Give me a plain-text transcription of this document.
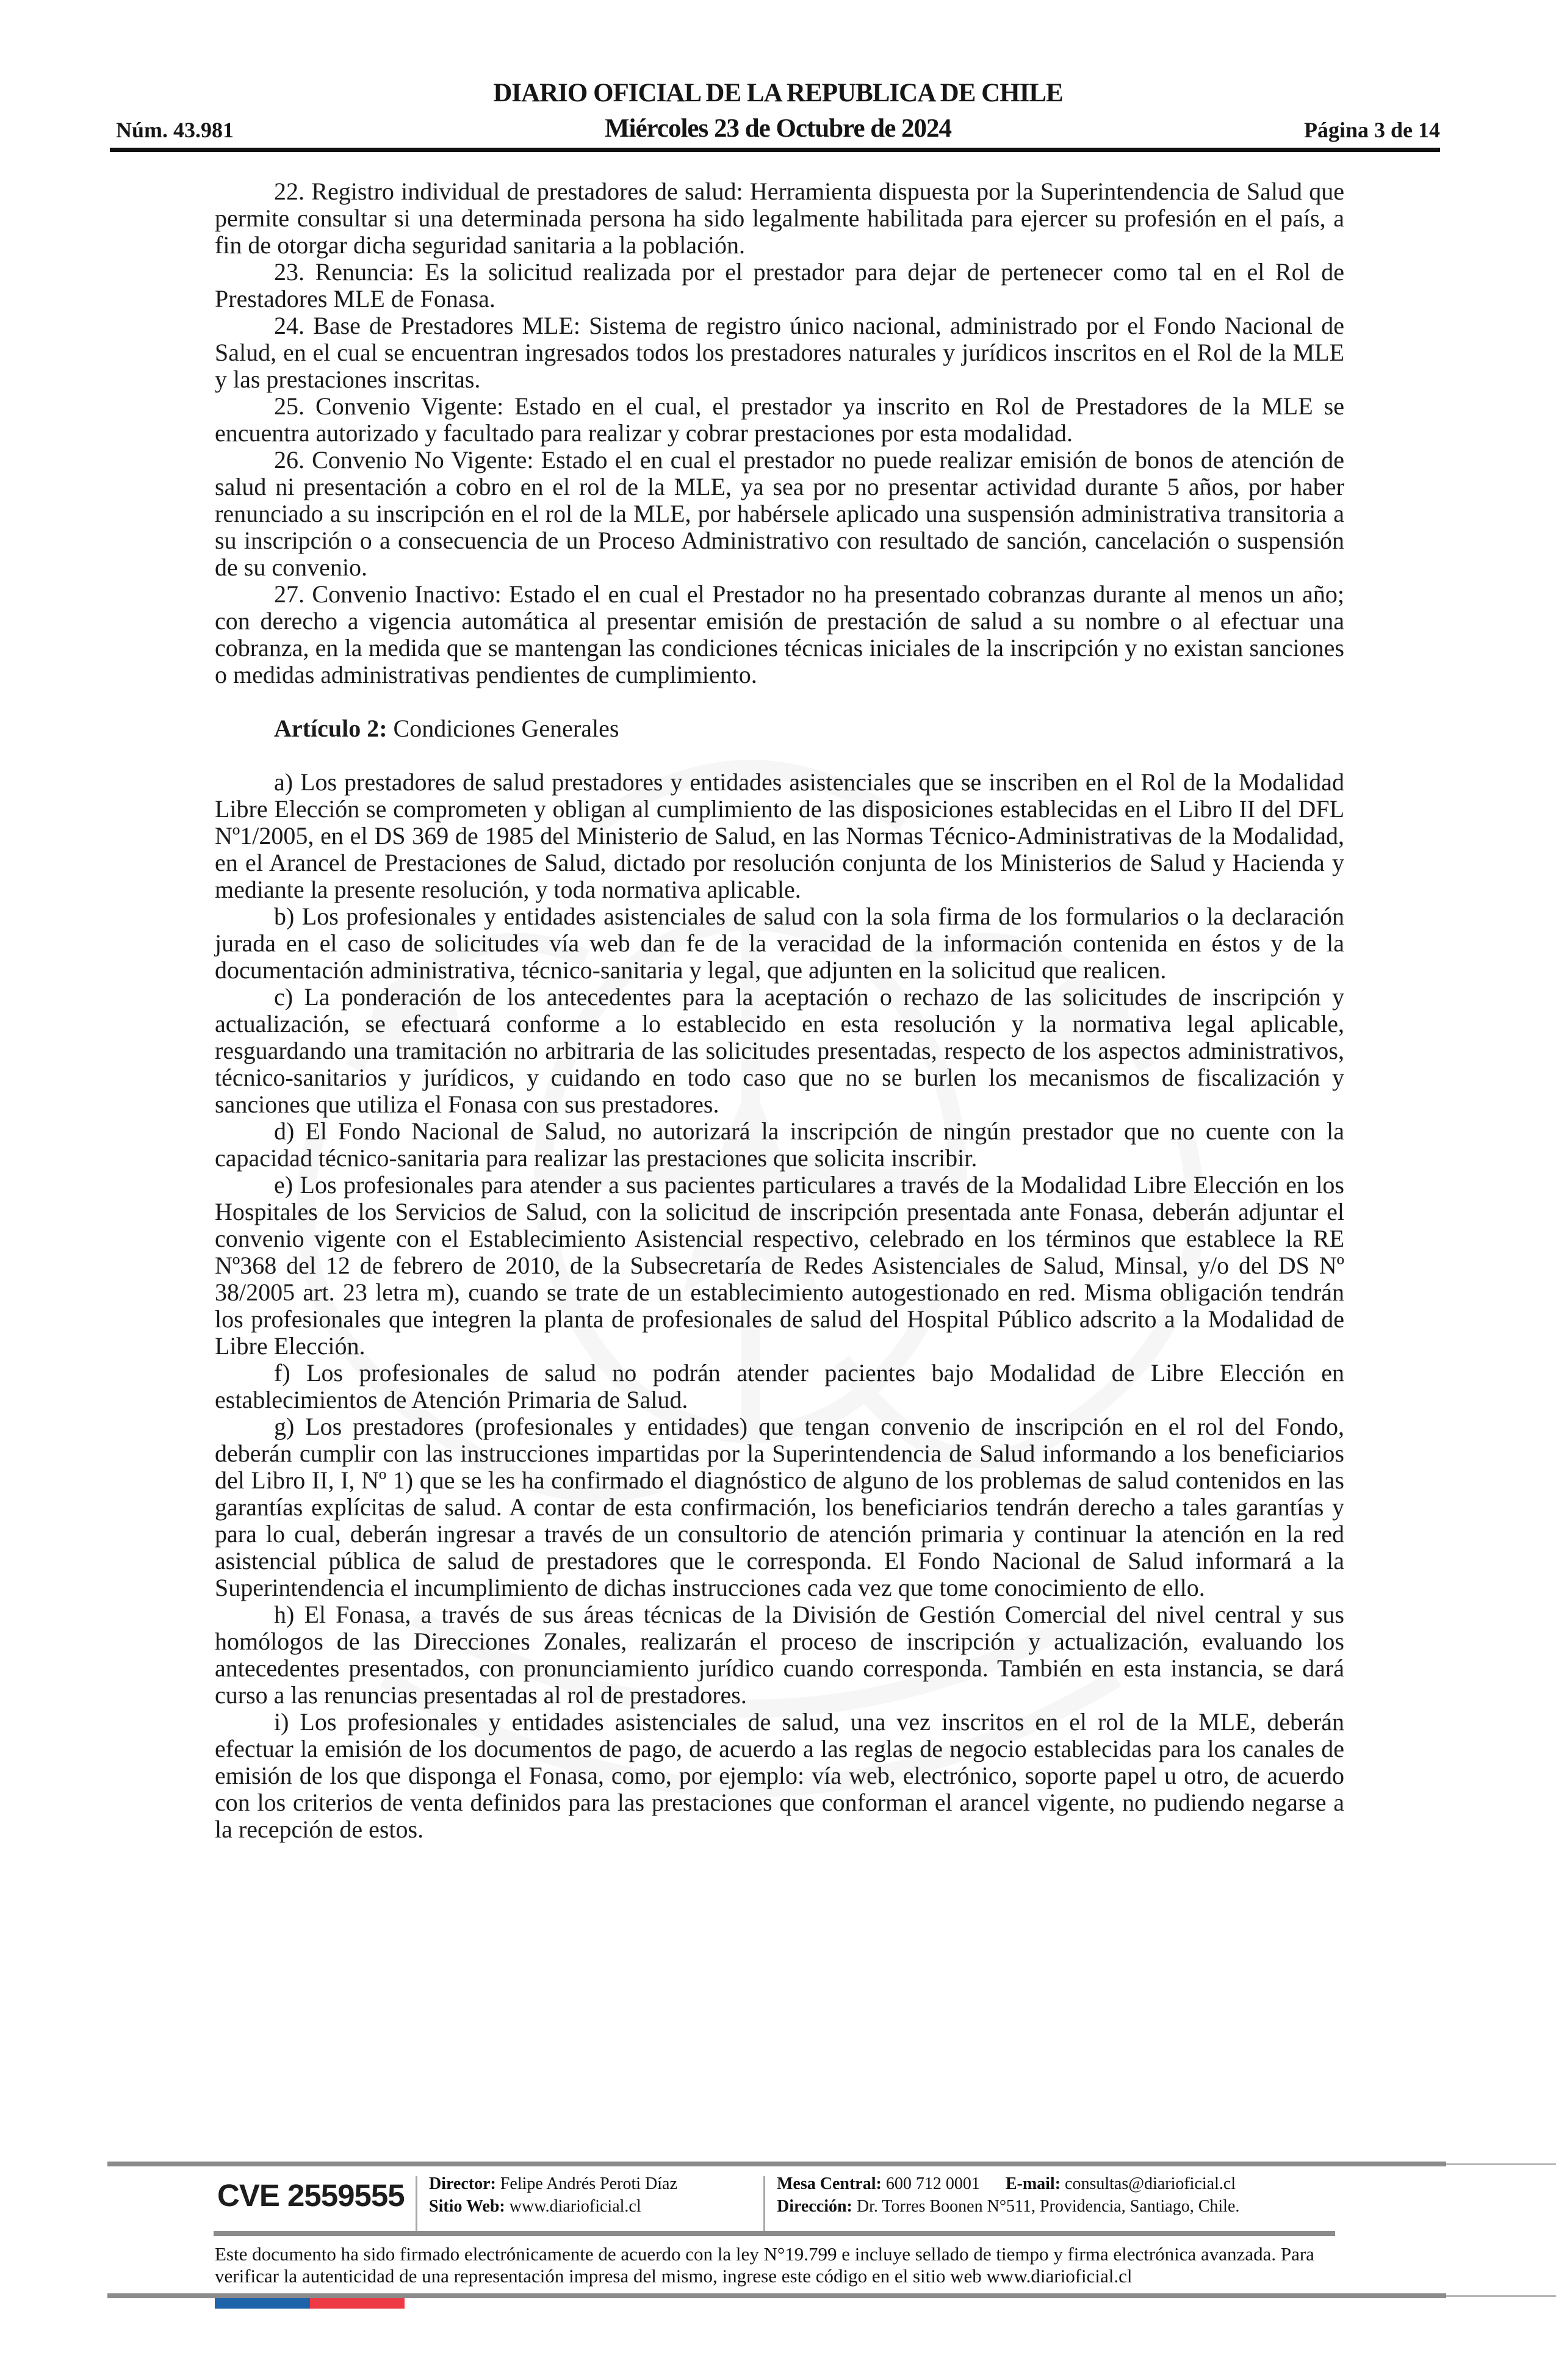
Núm. 43.981
DIARIO OFICIAL DE LA REPUBLICA DE CHILE
Miércoles 23 de Octubre de 2024	Página 3 de 14

22. Registro individual de prestadores de salud: Herramienta dispuesta por la Superintendencia de Salud que permite consultar si una determinada persona ha sido legalmente habilitada para ejercer su profesión en el país, a fin de otorgar dicha seguridad sanitaria a la población.

23. Renuncia: Es la solicitud realizada por el prestador para dejar de pertenecer como tal en el Rol de Prestadores MLE de Fonasa.

24. Base de Prestadores MLE: Sistema de registro único nacional, administrado por el Fondo Nacional de Salud, en el cual se encuentran ingresados todos los prestadores naturales y jurídicos inscritos en el Rol de la MLE y las prestaciones inscritas.

25. Convenio Vigente: Estado en el cual, el prestador ya inscrito en Rol de Prestadores de la MLE se encuentra autorizado y facultado para realizar y cobrar prestaciones por esta modalidad.

26. Convenio No Vigente: Estado el en cual el prestador no puede realizar emisión de bonos de atención de salud ni presentación a cobro en el rol de la MLE, ya sea por no presentar actividad durante 5 años, por haber renunciado a su inscripción en el rol de la MLE, por habérsele aplicado una suspensión administrativa transitoria a su inscripción o a consecuencia de un Proceso Administrativo con resultado de sanción, cancelación o suspensión de su convenio.

27. Convenio Inactivo: Estado el en cual el Prestador no ha presentado cobranzas durante al menos un año; con derecho a vigencia automática al presentar emisión de prestación de salud a su nombre o al efectuar una cobranza, en la medida que se mantengan las condiciones técnicas iniciales de la inscripción y no existan sanciones o medidas administrativas pendientes de cumplimiento.

Artículo 2: Condiciones Generales

a) Los prestadores de salud prestadores y entidades asistenciales que se inscriben en el Rol de la Modalidad Libre Elección se comprometen y obligan al cumplimiento de las disposiciones establecidas en el Libro II del DFL Nº1/2005, en el DS 369 de 1985 del Ministerio de Salud, en las Normas Técnico-Administrativas de la Modalidad, en el Arancel de Prestaciones de Salud, dictado por resolución conjunta de los Ministerios de Salud y Hacienda y mediante la presente resolución, y toda normativa aplicable.

b) Los profesionales y entidades asistenciales de salud con la sola firma de los formularios o la declaración jurada en el caso de solicitudes vía web dan fe de la veracidad de la información contenida en éstos y de la documentación administrativa, técnico-sanitaria y legal, que adjunten en la solicitud que realicen.

c) La ponderación de los antecedentes para la aceptación o rechazo de las solicitudes de inscripción y actualización, se efectuará conforme a lo establecido en esta resolución y la normativa legal aplicable, resguardando una tramitación no arbitraria de las solicitudes presentadas, respecto de los aspectos administrativos, técnico-sanitarios y jurídicos, y cuidando en todo caso que no se burlen los mecanismos de fiscalización y sanciones que utiliza el Fonasa con sus prestadores.

d) El Fondo Nacional de Salud, no autorizará la inscripción de ningún prestador que no cuente con la capacidad técnico-sanitaria para realizar las prestaciones que solicita inscribir.

e) Los profesionales para atender a sus pacientes particulares a través de la Modalidad Libre Elección en los Hospitales de los Servicios de Salud, con la solicitud de inscripción presentada ante Fonasa, deberán adjuntar el convenio vigente con el Establecimiento Asistencial respectivo, celebrado en los términos que establece la RE Nº368 del 12 de febrero de 2010, de la Subsecretaría de Redes Asistenciales de Salud, Minsal, y/o del DS Nº 38/2005 art. 23 letra m), cuando se trate de un establecimiento autogestionado en red. Misma obligación tendrán los profesionales que integren la planta de profesionales de salud del Hospital Público adscrito a la Modalidad de Libre Elección.

f) Los profesionales de salud no podrán atender pacientes bajo Modalidad de Libre Elección en establecimientos de Atención Primaria de Salud.

g) Los prestadores (profesionales y entidades) que tengan convenio de inscripción en el rol del Fondo, deberán cumplir con las instrucciones impartidas por la Superintendencia de Salud informando a los beneficiarios del Libro II, I, Nº 1) que se les ha confirmado el diagnóstico de alguno de los problemas de salud contenidos en las garantías explícitas de salud. A contar de esta confirmación, los beneficiarios tendrán derecho a tales garantías y para lo cual, deberán ingresar a través de un consultorio de atención primaria y continuar la atención en la red asistencial pública de salud de prestadores que le corresponda. El Fondo Nacional de Salud informará a la Superintendencia el incumplimiento de dichas instrucciones cada vez que tome conocimiento de ello.

h) El Fonasa, a través de sus áreas técnicas de la División de Gestión Comercial del nivel central y sus homólogos de las Direcciones Zonales, realizarán el proceso de inscripción y actualización, evaluando los antecedentes presentados, con pronunciamiento jurídico cuando corresponda. También en esta instancia, se dará curso a las renuncias presentadas al rol de prestadores.

i) Los profesionales y entidades asistenciales de salud, una vez inscritos en el rol de la MLE, deberán efectuar la emisión de los documentos de pago, de acuerdo a las reglas de negocio establecidas para los canales de emisión de los que disponga el Fonasa, como, por ejemplo: vía web, electrónico, soporte papel u otro, de acuerdo con los criterios de venta definidos para las prestaciones que conforman el arancel vigente, no pudiendo negarse a la recepción de estos.

CVE 2559555 Director: Felipe Andrés Peroti Díaz
Sitio Web: www.diarioficial.cl
Mesa Central: 600 712 0001 E-mail: consultas@diarioficial.cl
Dirección: Dr. Torres Boonen N°511, Providencia, Santiago, Chile.
Este documento ha sido firmado electrónicamente de acuerdo con la ley N°19.799 e incluye sellado de tiempo y firma electrónica avanzada. Para verificar la autenticidad de una representación impresa del mismo, ingrese este código en el sitio web www.diarioficial.cl
